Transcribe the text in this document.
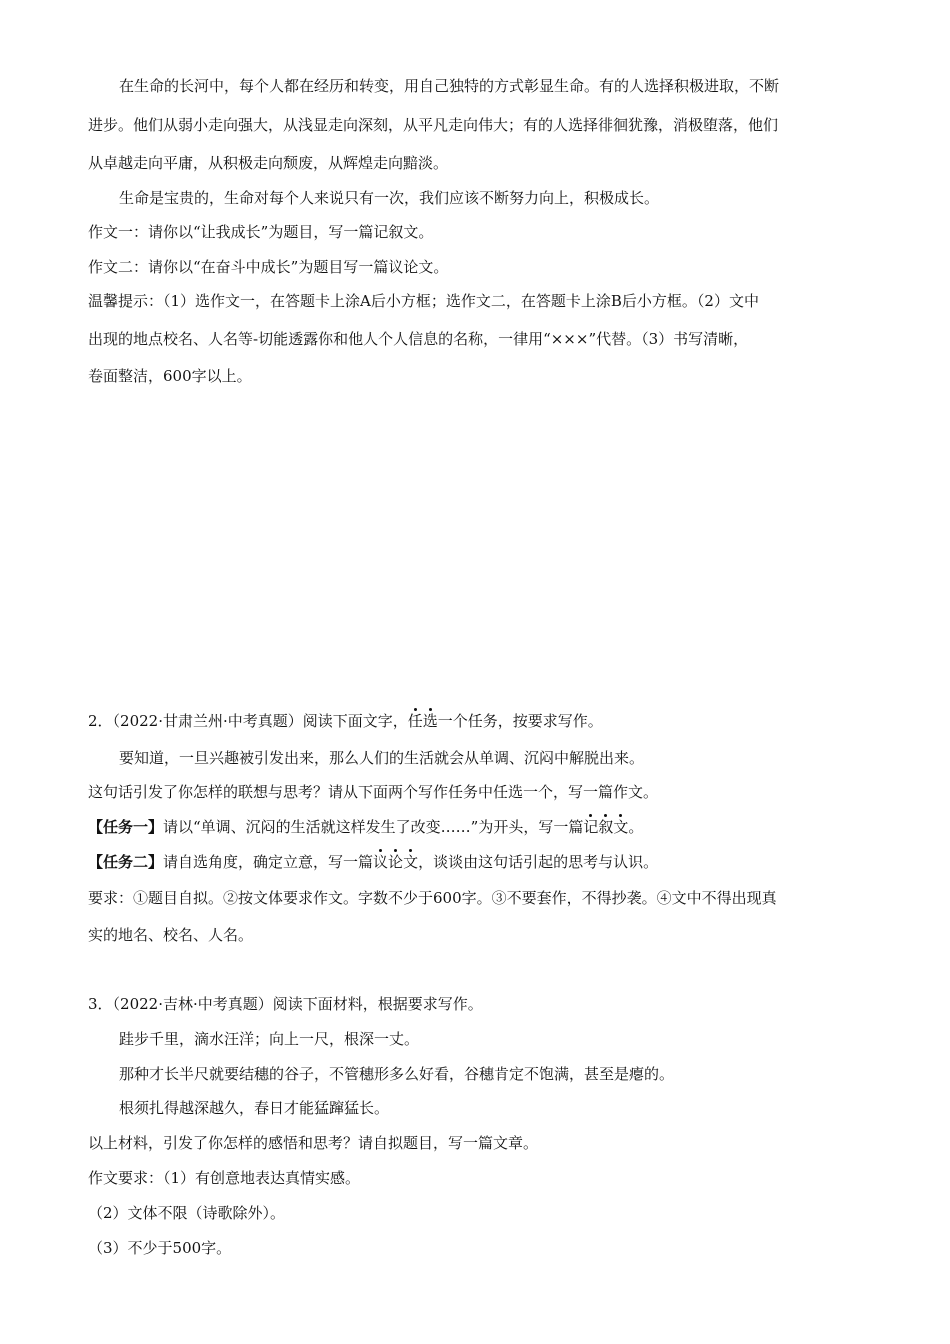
在生命的长河中，每个人都在经历和转变，用自己独特的方式彰显生命。有的人选择积极进取，不断
进步。他们从弱小走向强大，从浅显走向深刻，从平凡走向伟大；有的人选择徘徊犹豫，消极堕落，他们
从卓越走向平庸，从积极走向颓废，从辉煌走向黯淡。
生命是宝贵的，生命对每个人来说只有一次，我们应该不断努力向上，积极成长。
作文一：请你以“让我成长”为题目，写一篇记叙文。
作文二：请你以“在奋斗中成长”为题目写一篇议论文。
温馨提示：（1）选作文一，在答题卡上涂A后小方框；选作文二，在答题卡上涂B后小方框。（2）文中
出现的地点校名、人名等-切能透露你和他人个人信息的名称，一律用“×××”代替。（3）书写清晰，
卷面整洁，600字以上。
2．（2022·甘肃兰州·中考真题）阅读下面文字，任选一个任务，按要求写作。
要知道，一旦兴趣被引发出来，那么人们的生活就会从单调、沉闷中解脱出来。
这句话引发了你怎样的联想与思考？请从下面两个写作任务中任选一个，写一篇作文。
【任务一】请以“单调、沉闷的生活就这样发生了改变……”为开头，写一篇记叙文。
【任务二】请自选角度，确定立意，写一篇议论文，谈谈由这句话引起的思考与认识。
要求：①题目自拟。②按文体要求作文。字数不少于600字。③不要套作，不得抄袭。④文中不得出现真
实的地名、校名、人名。
3．（2022·吉林·中考真题）阅读下面材料，根据要求写作。
跬步千里，滴水汪洋；向上一尺，根深一丈。
那种才长半尺就要结穗的谷子，不管穗形多么好看，谷穗肯定不饱满，甚至是瘪的。
根须扎得越深越久，春日才能猛蹿猛长。
以上材料，引发了你怎样的感悟和思考？请自拟题目，写一篇文章。
作文要求：（1）有创意地表达真情实感。
（2）文体不限（诗歌除外）。
（3）不少于500字。
